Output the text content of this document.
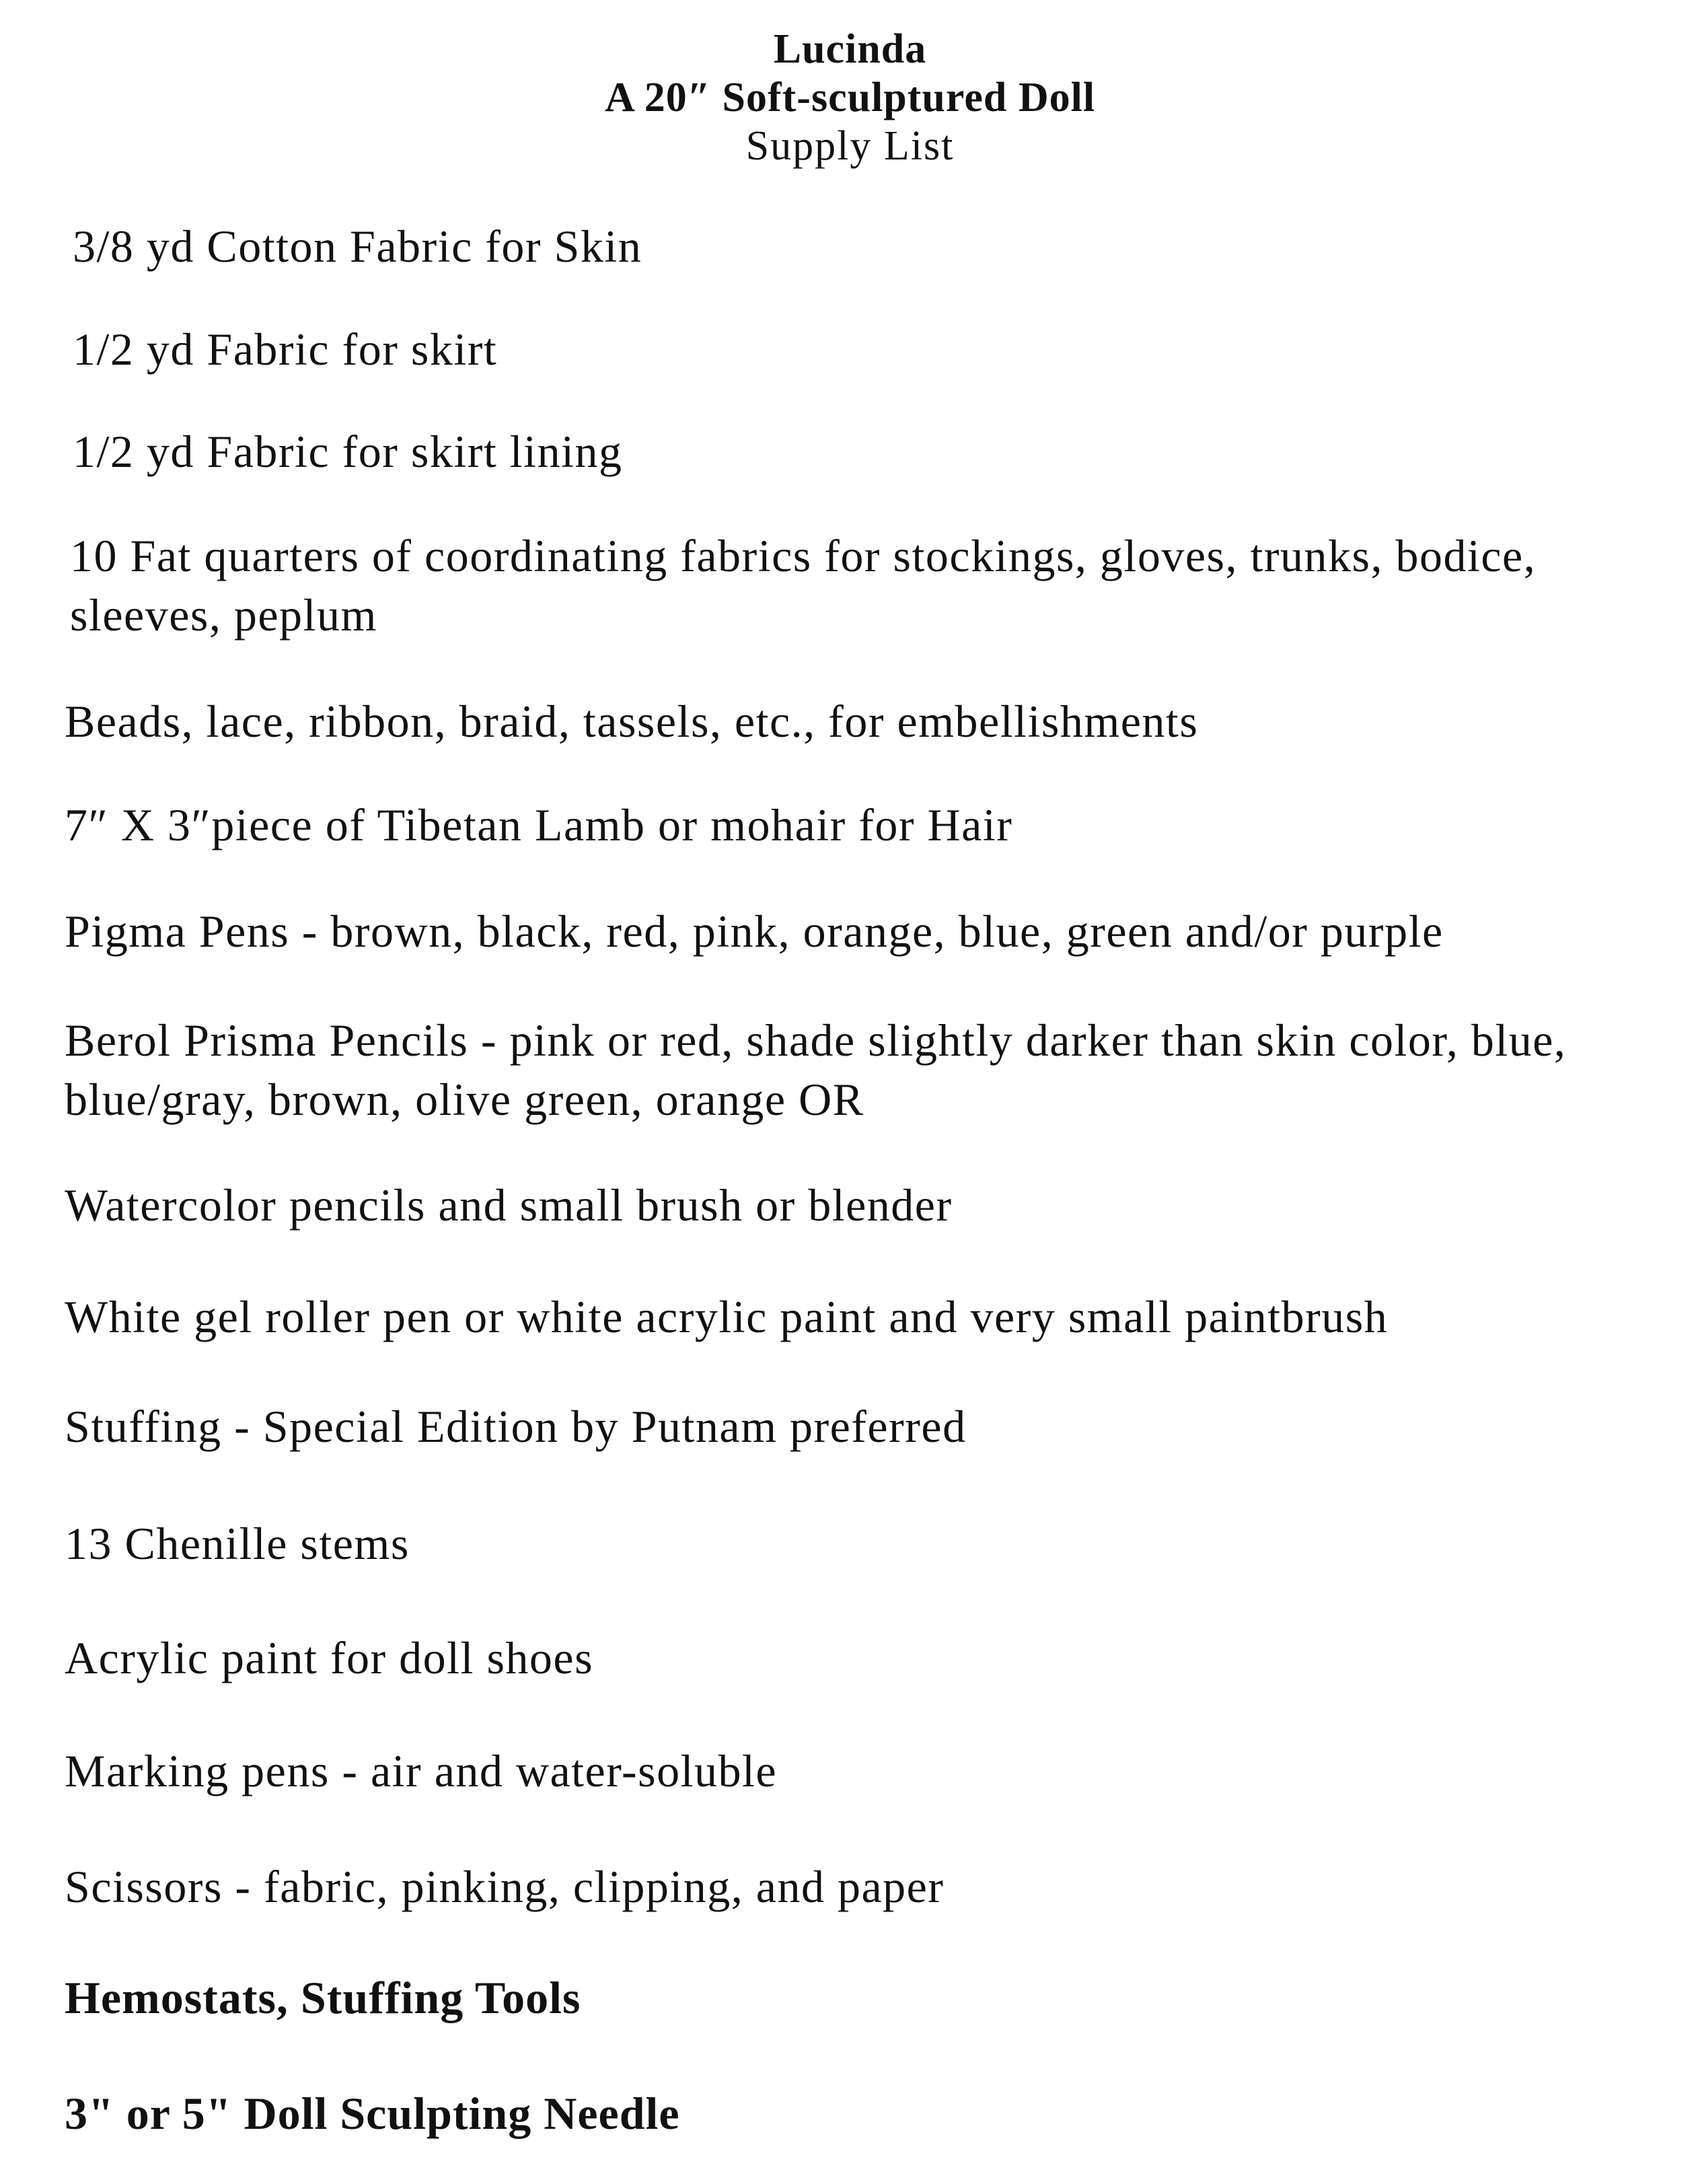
Lucinda
A 20″ Soft-sculptured Doll
Supply List
3/8 yd Cotton Fabric for Skin
1/2 yd Fabric for skirt
1/2 yd Fabric for skirt lining
10 Fat quarters of coordinating fabrics for stockings, gloves, trunks, bodice, sleeves, peplum
Beads, lace, ribbon, braid, tassels, etc., for embellishments
7″ X 3″piece of Tibetan Lamb or mohair for Hair
Pigma Pens - brown, black, red, pink, orange, blue, green and/or purple
Berol Prisma Pencils - pink or red, shade slightly darker than skin color, blue, blue/gray, brown, olive green, orange OR
Watercolor pencils and small brush or blender
White gel roller pen or white acrylic paint and very small paintbrush
Stuffing - Special Edition by Putnam preferred
13 Chenille stems
Acrylic paint for doll shoes
Marking pens - air and water-soluble
Scissors - fabric, pinking, clipping, and paper
Hemostats, Stuffing Tools
3" or 5" Doll Sculpting Needle
